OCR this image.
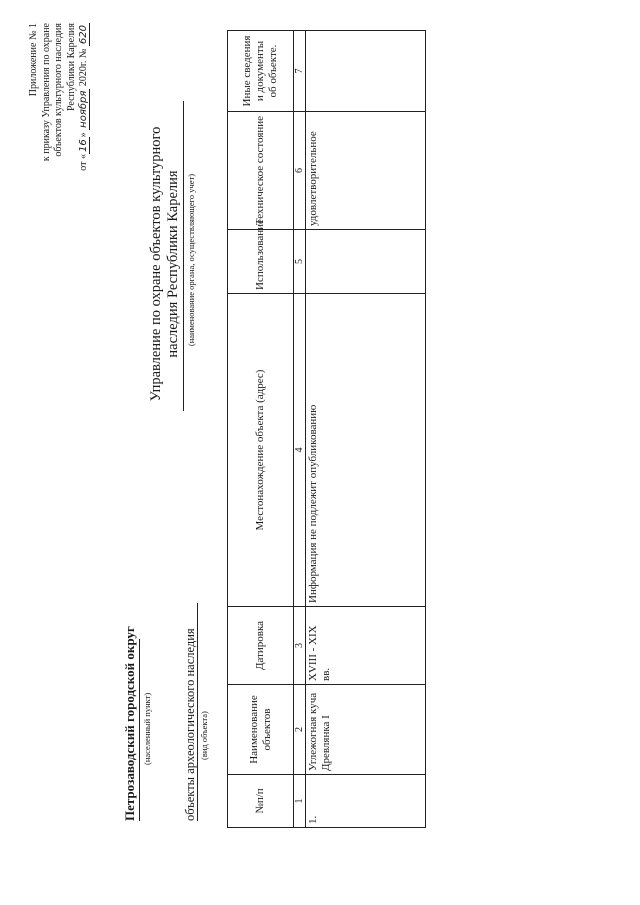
Приложение № 1 к приказу Управления по охране объектов культурного наследия Республики Карелия
от «16» ноября 2020г. № 620
Управление по охране объектов культурного наследия Республики Карелия (наименование органа, осуществляющего учет)
Петрозаводский городской округ (населенный пункт) объекты археологического наследия (вид объекта)
№п/п	Наименование объектов	Датировка	Местонахождение объекта (адрес)	Использование	Техническое состояние	Иные сведения и документы об объекте.
1	2	3	4	5	6	7
1.	Углежогная куча Древлянка I	XVIII - XIX вв.	Информация не подлежит опубликованию		удовлетворительное	
